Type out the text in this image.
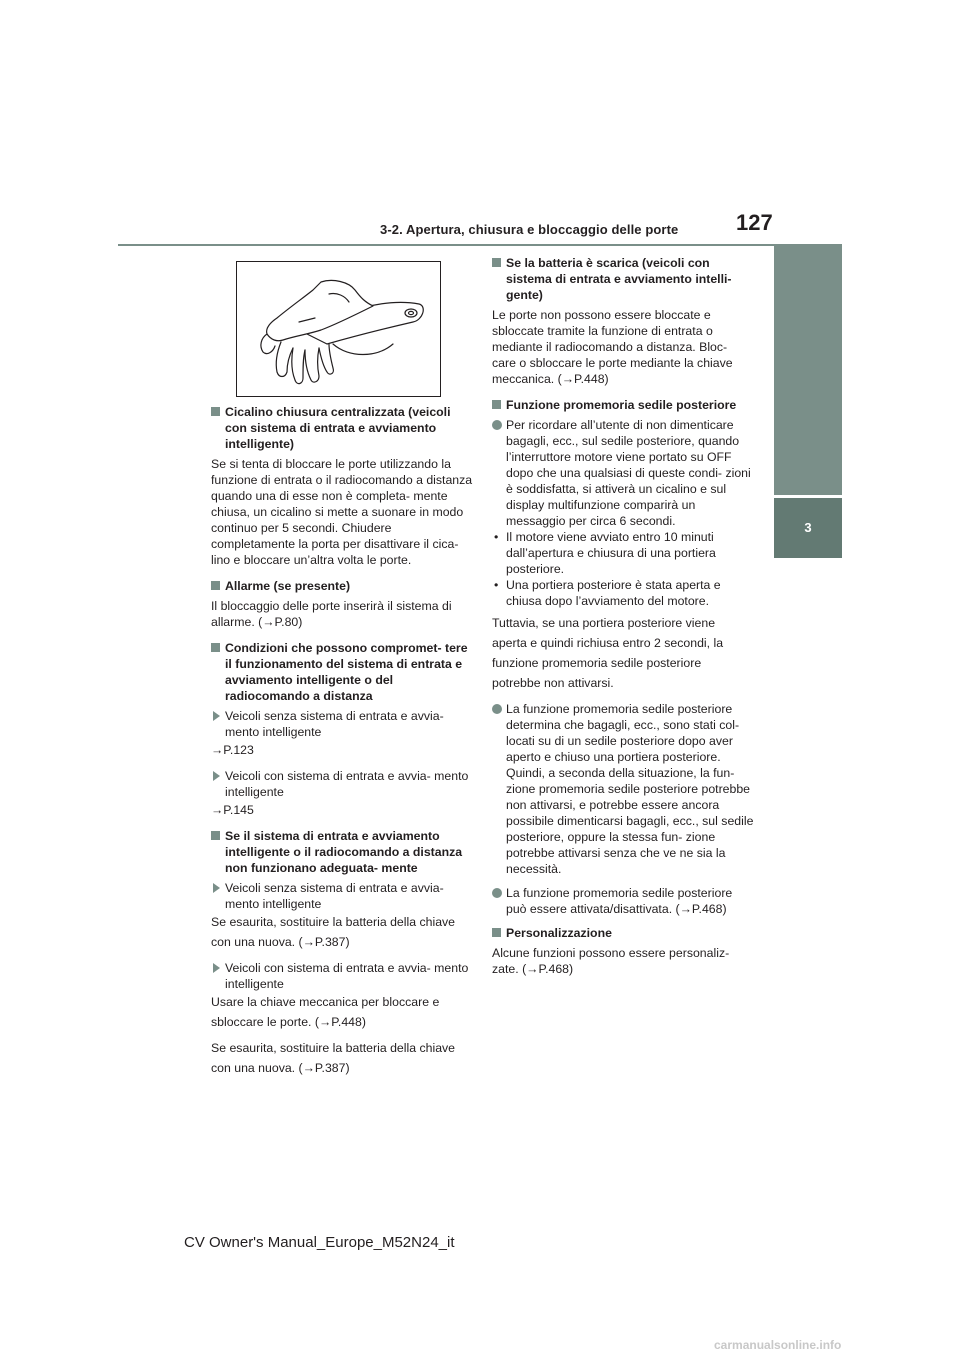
3-2. Apertura, chiusura e bloccaggio delle porte	127
3
Prima di mettersi alla guida
Cicalino chiusura centralizzata (veicoli con sistema di entrata e avviamento intelligente)
Se si tenta di bloccare le porte utilizzando la funzione di entrata o il radiocomando a distanza quando una di esse non è completa- mente chiusa, un cicalino si mette a suonare in modo continuo per 5 secondi. Chiudere completamente la porta per disattivare il cica- lino e bloccare un’altra volta le porte.
Allarme (se presente)
Il bloccaggio delle porte inserirà il sistema di allarme. (→P.80)
Condizioni che possono compromet- tere il funzionamento del sistema di entrata e avviamento intelligente o del radiocomando a distanza
Veicoli senza sistema di entrata e avvia- mento intelligente
→P.123
Veicoli con sistema di entrata e avvia- mento intelligente
→P.145
Se il sistema di entrata e avviamento intelligente o il radiocomando a distanza non funzionano adeguata- mente
Veicoli senza sistema di entrata e avvia- mento intelligente
Se esaurita, sostituire la batteria della chiave
con una nuova. (→P.387)
Veicoli con sistema di entrata e avvia- mento intelligente
Usare la chiave meccanica per bloccare e
sbloccare le porte. (→P.448)
Se esaurita, sostituire la batteria della chiave
con una nuova. (→P.387)
Se la batteria è scarica (veicoli con sistema di entrata e avviamento intelli- gente)
Le porte non possono essere bloccate e sbloccate tramite la funzione di entrata o mediante il radiocomando a distanza. Bloc- care o sbloccare le porte mediante la chiave meccanica. (→P.448)
Funzione promemoria sedile posteriore
Per ricordare all’utente di non dimenticare bagagli, ecc., sul sedile posteriore, quando l’interruttore motore viene portato su OFF dopo che una qualsiasi di queste condi- zioni è soddisfatta, si attiverà un cicalino e sul display multifunzione comparirà un messaggio per circa 6 secondi.
• Il motore viene avviato entro 10 minuti dall’apertura e chiusura di una portiera posteriore.
• Una portiera posteriore è stata aperta e chiusa dopo l’avviamento del motore.
Tuttavia, se una portiera posteriore viene
aperta e quindi richiusa entro 2 secondi, la
funzione promemoria sedile posteriore
potrebbe non attivarsi.
La funzione promemoria sedile posteriore determina che bagagli, ecc., sono stati col- locati su di un sedile posteriore dopo aver aperto e chiuso una portiera posteriore. Quindi, a seconda della situazione, la fun- zione promemoria sedile posteriore potrebbe non attivarsi, e potrebbe essere ancora possibile dimenticarsi bagagli, ecc., sul sedile posteriore, oppure la stessa fun- zione potrebbe attivarsi senza che ve ne sia la necessità.
La funzione promemoria sedile posteriore può essere attivata/disattivata. (→P.468)
Personalizzazione
Alcune funzioni possono essere personaliz- zate. (→P.468)
CV Owner's Manual_Europe_M52N24_it
carmanualsonline.info
